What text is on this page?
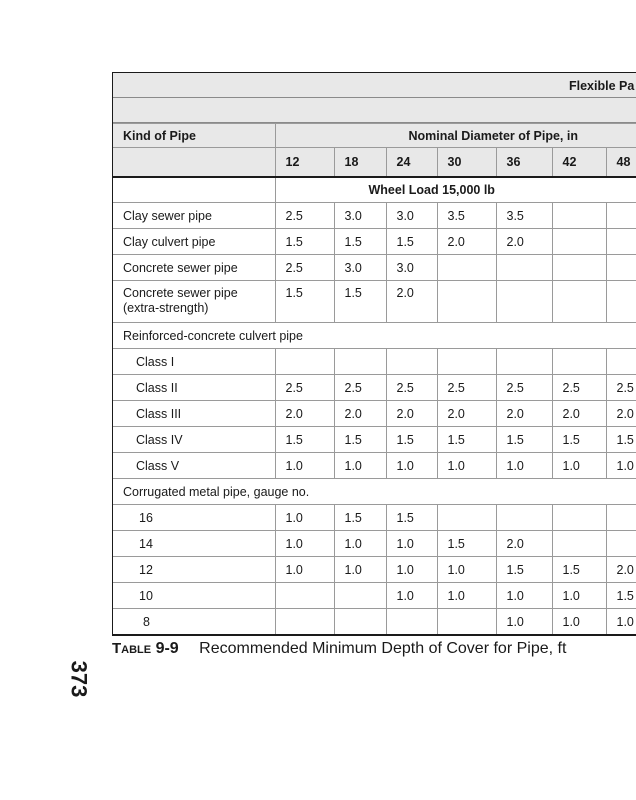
Flexible Pa
Kind of Pipe	Nominal Diameter of Pipe, in						
	12	18	24	30	36	42	48
	Wheel Load 15,000 lb						
Clay sewer pipe	2.5	3.0	3.0	3.5	3.5		
Clay culvert pipe	1.5	1.5	1.5	2.0	2.0		
Concrete sewer pipe	2.5	3.0	3.0				
Concrete sewer pipe (extra-strength)	1.5	1.5	2.0				
Reinforced-concrete culvert pipe							
Class I							
Class II	2.5	2.5	2.5	2.5	2.5	2.5	2.5
Class III	2.0	2.0	2.0	2.0	2.0	2.0	2.0
Class IV	1.5	1.5	1.5	1.5	1.5	1.5	1.5
Class V	1.0	1.0	1.0	1.0	1.0	1.0	1.0
Corrugated metal pipe, gauge no.							
16	1.0	1.5	1.5				
14	1.0	1.0	1.0	1.5	2.0		
12	1.0	1.0	1.0	1.0	1.5	1.5	2.0
10			1.0	1.0	1.0	1.0	1.5
8					1.0	1.0	1.0
Table 9-9 Recommended Minimum Depth of Cover for Pipe, ft
373
